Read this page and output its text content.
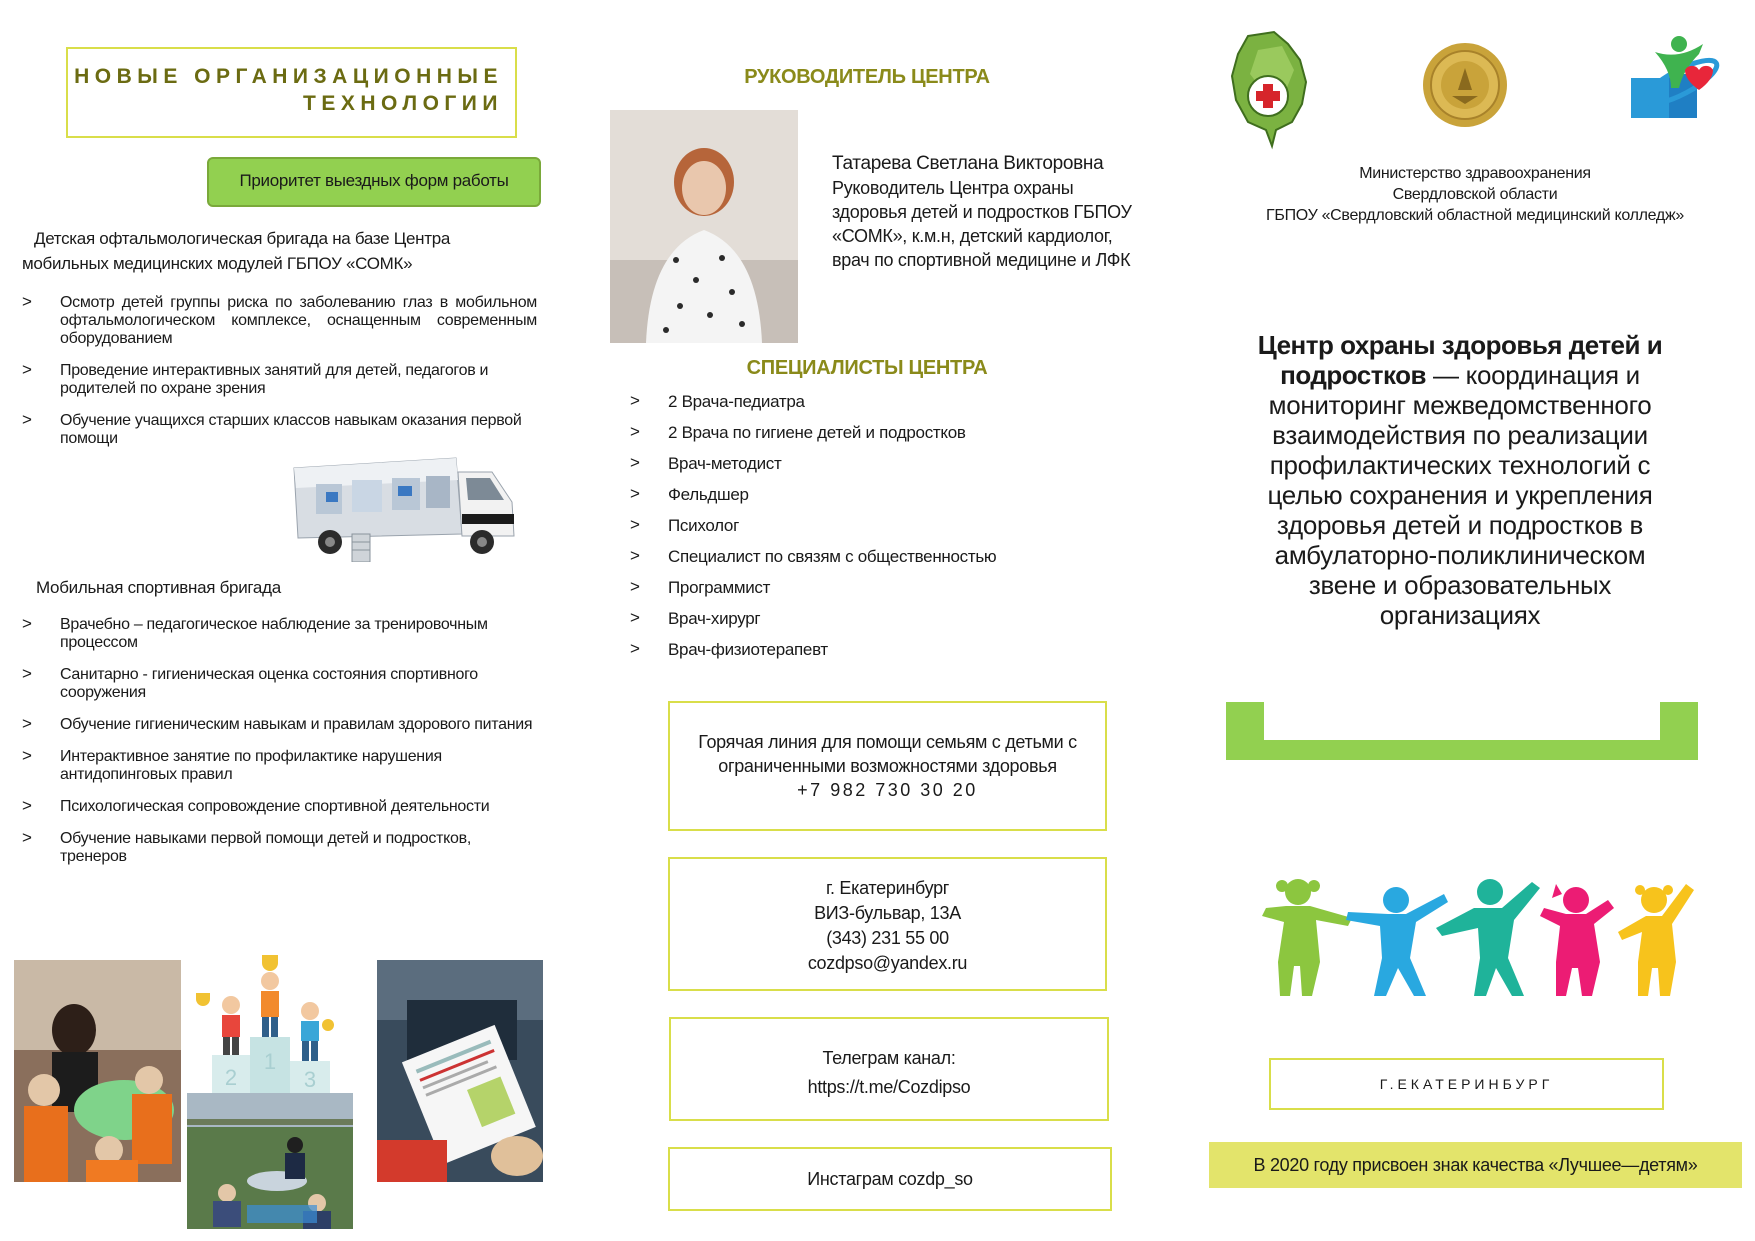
НОВЫЕ ОРГАНИЗАЦИОННЫЕ
ТЕХНОЛОГИИ
Приоритет выездных форм работы
Детская офтальмологическая бригада на базе Центра
мобильных медицинских модулей ГБПОУ «СОМК»
> Осмотр детей группы риска по заболеванию глаз в мобильном офтальмологическом комплексе, оснащенным современным оборудованием
> Проведение интерактивных занятий для детей, педагогов и родителей по охране зрения
> Обучение учащихся старших классов навыкам оказания первой помощи
Мобильная спортивная бригада
> Врачебно – педагогическое наблюдение за тренировочным процессом
> Санитарно - гигиеническая оценка состояния спортивного сооружения
> Обучение гигиеническим навыкам и правилам здорового питания
> Интерактивное занятие по профилактике нарушения антидопинговых правил
> Психологическая сопровождение спортивной деятельности
> Обучение навыками первой помощи детей и подростков, тренеров
2
1
3
РУКОВОДИТЕЛЬ ЦЕНТРА
Татарева Светлана Викторовна
Руководитель Центра охраны здоровья детей и подростков ГБПОУ «СОМК», к.м.н, детский кардиолог, врач по спортивной медицине и ЛФК
СПЕЦИАЛИСТЫ ЦЕНТРА
> 2 Врача-педиатра
> 2 Врача по гигиене детей и подростков
> Врач-методист
> Фельдшер
> Психолог
> Специалист по связям с общественностью
> Программист
> Врач-хирург
> Врач-физиотерапевт
Горячая линия для помощи семьям с детьми с
ограниченными возможностями здоровья
+7 982 730 30 20
г. Екатеринбург
ВИЗ-бульвар, 13А
(343) 231 55 00
cozdpso@yandex.ru
Телеграм канал:
https://t.me/Cozdipso
Инстаграм cozdp_so
Министерство здравоохранения
Свердловской области
ГБПОУ «Свердловский областной медицинский колледж»
Центр охраны здоровья детей и подростков — координация и мониторинг межведомственного взаимодействия по реализации профилактических технологий с целью сохранения и укрепления здоровья детей и подростков в амбулаторно-поликлиническом звене и образовательных организациях
Г.ЕКАТЕРИНБУРГ
В 2020 году присвоен знак качества «Лучшее—детям»
